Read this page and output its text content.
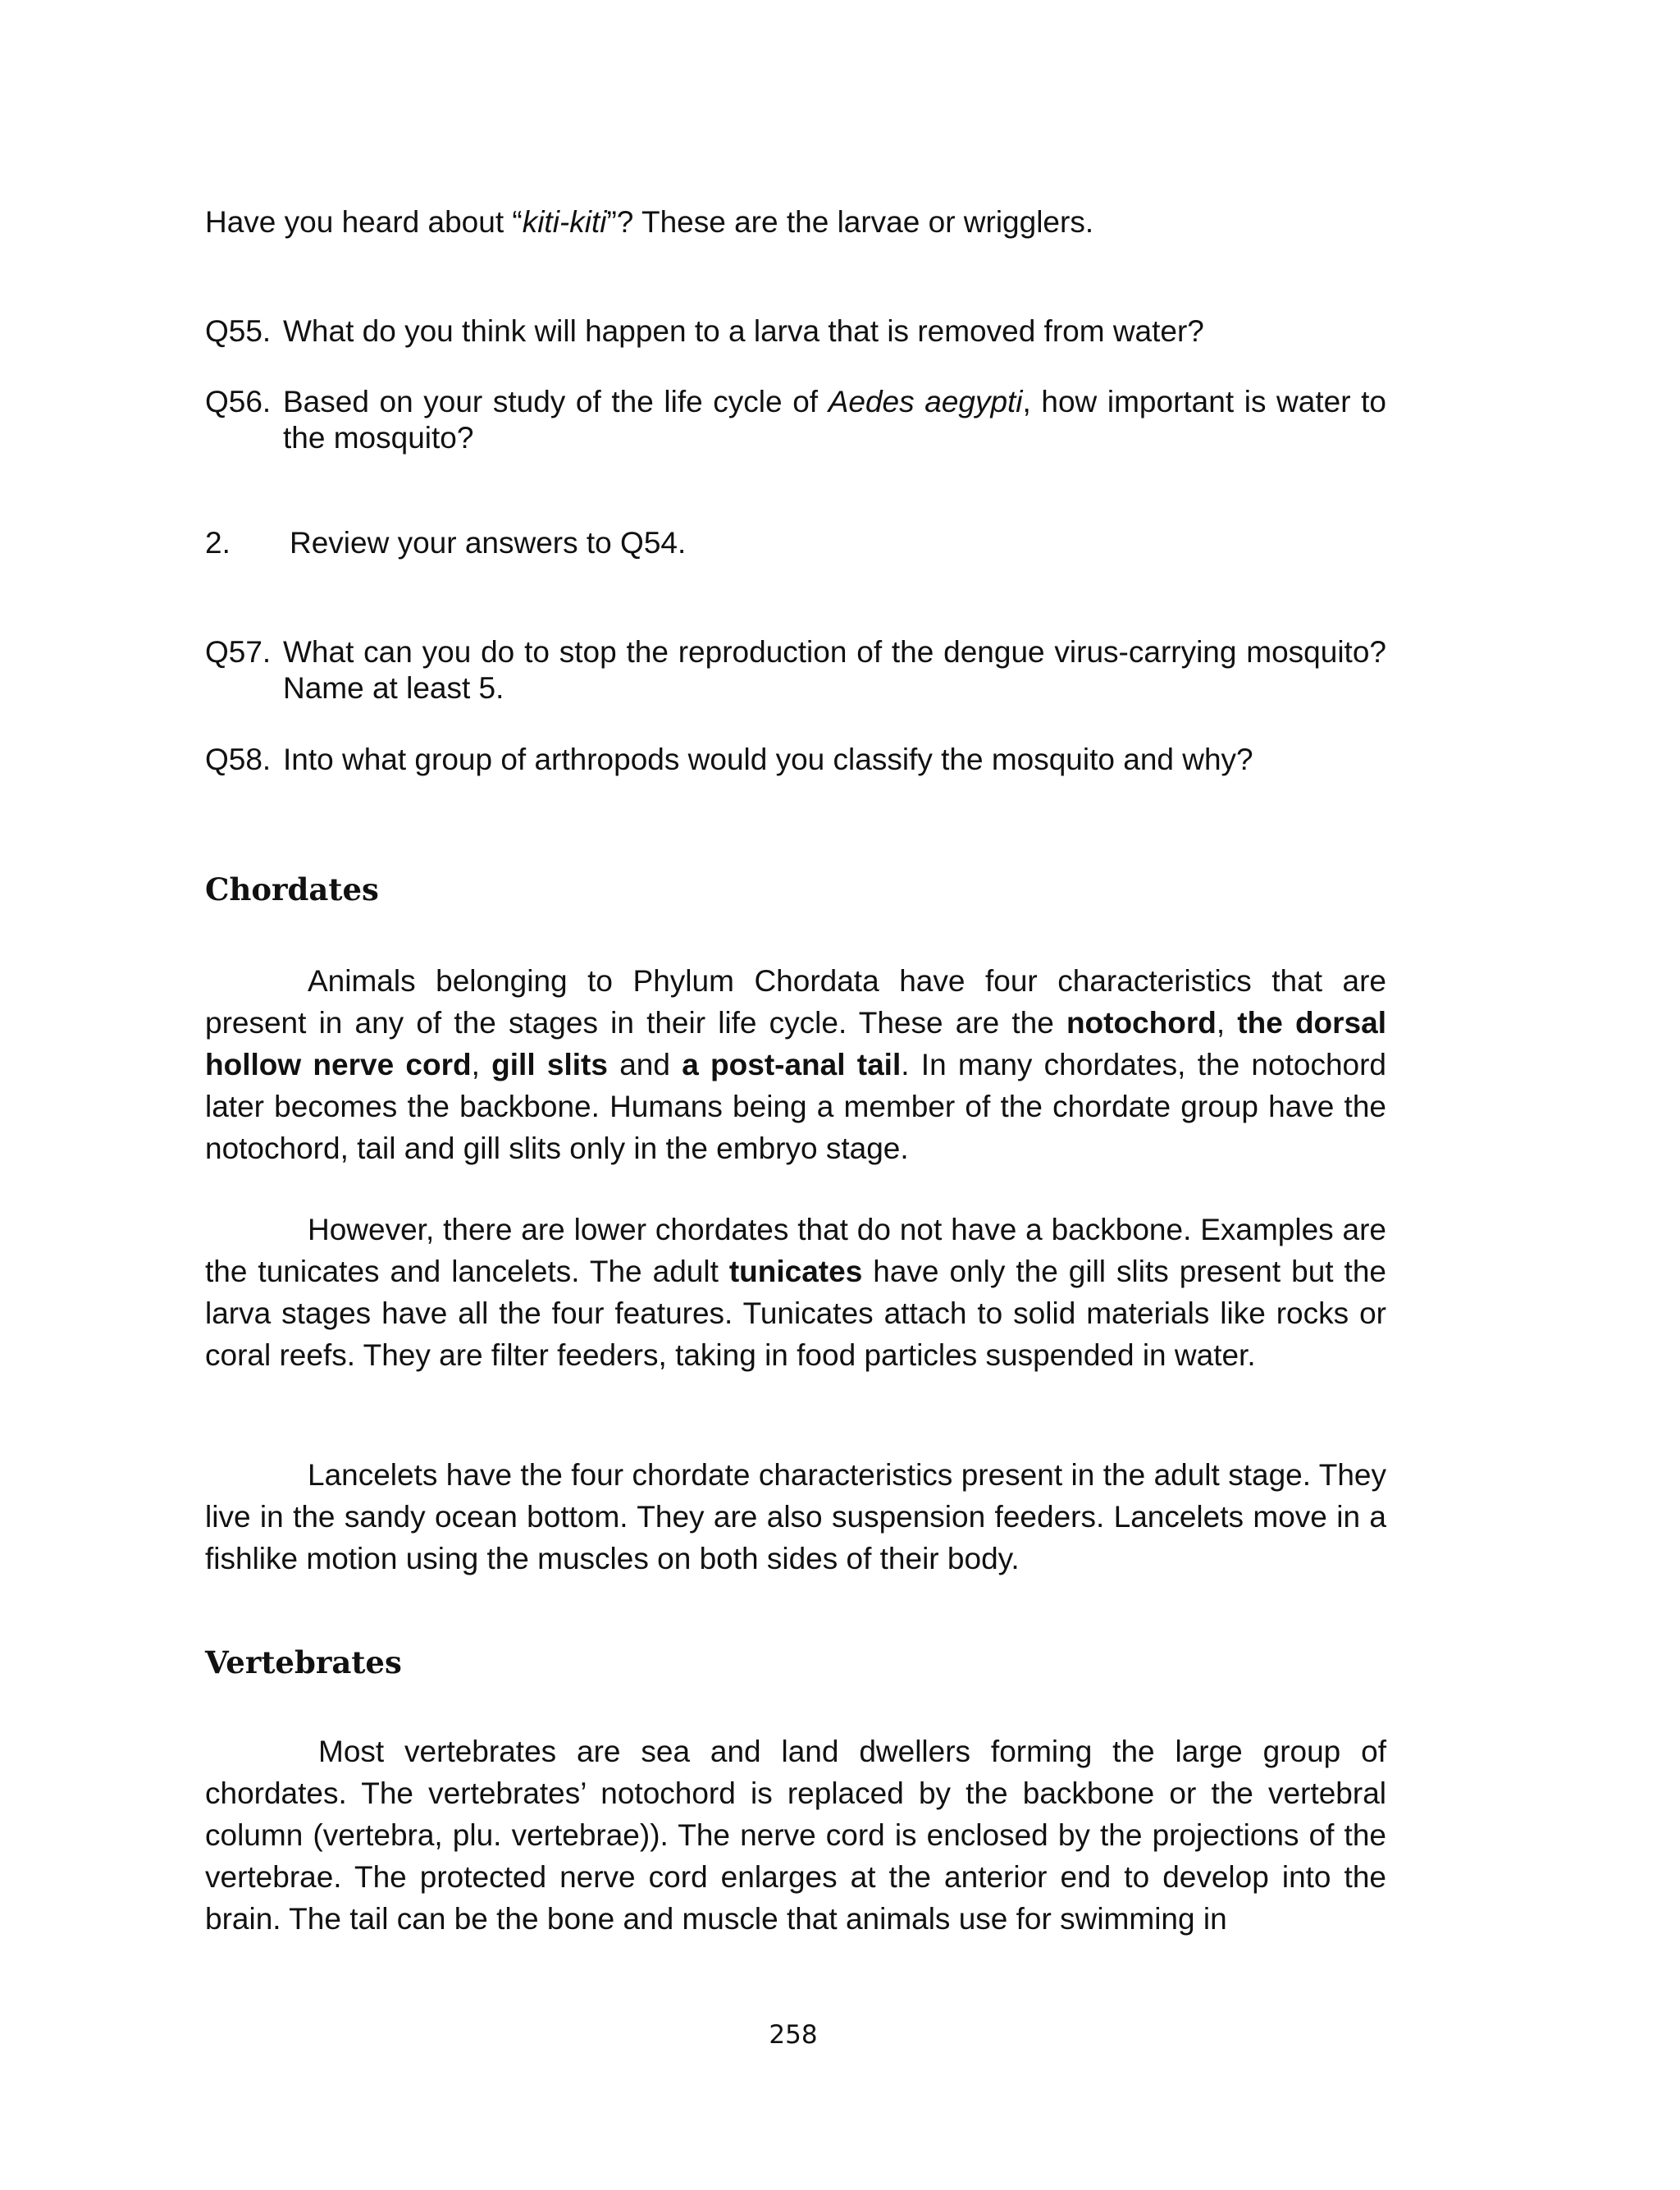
Have you heard about “kiti-kiti”? These are the larvae or wrigglers.

Q55. What do you think will happen to a larva that is removed from water?

Q56. Based on your study of the life cycle of Aedes aegypti, how important is water to the mosquito?

2. Review your answers to Q54.
Q57. What can you do to stop the reproduction of the dengue virus-carrying mosquito? Name at least 5.

Q58. Into what group of arthropods would you classify the mosquito and why?

Chordates

Animals belonging to Phylum Chordata have four characteristics that are present in any of the stages in their life cycle. These are the notochord, the dorsal hollow nerve cord, gill slits and a post-anal tail. In many chordates, the notochord later becomes the backbone. Humans being a member of the chordate group have the notochord, tail and gill slits only in the embryo stage.

However, there are lower chordates that do not have a backbone. Examples are the tunicates and lancelets. The adult tunicates have only the gill slits present but the larva stages have all the four features. Tunicates attach to solid materials like rocks or coral reefs. They are filter feeders, taking in food particles suspended in water.

Lancelets have the four chordate characteristics present in the adult stage. They live in the sandy ocean bottom. They are also suspension feeders. Lancelets move in a fishlike motion using the muscles on both sides of their body.

Vertebrates

Most vertebrates are sea and land dwellers forming the large group of chordates. The vertebrates’ notochord is replaced by the backbone or the vertebral column (vertebra, plu. vertebrae)). The nerve cord is enclosed by the projections of the vertebrae. The protected nerve cord enlarges at the anterior end to develop into the brain. The tail can be the bone and muscle that animals use for swimming in

258
